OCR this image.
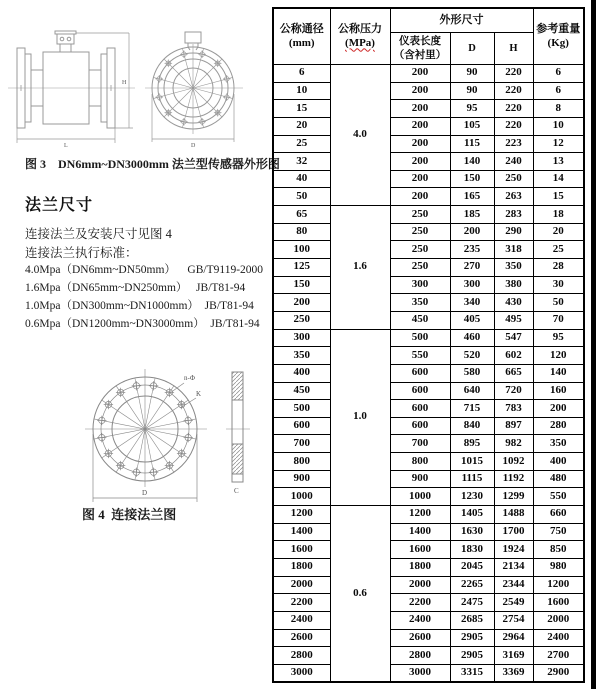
H
L	D
图 3    DN6mm~DN3000mm 法兰型传感器外形图
法兰尺寸
连接法兰及安装尺寸见图 4
连接法兰执行标准：
4.0Mpa（DN6mm~DN50mm）    GB/T9119-2000
1.6Mpa（DN65mm~DN250mm）   JB/T81-94
1.0Mpa（DN300mm~DN1000mm）  JB/T81-94
0.6Mpa（DN1200mm~DN3000mm）  JB/T81-94
n-Φ
K
D	C
图 4  连接法兰图
公称通径
(mm)	公称压力
(MPa)	外形尺寸			参考重量
(Kg)
		仪表长度
（含衬里）	D	H	
6	4.0	200	90	220	6
10		200	90	220	6
15		200	95	220	8
20		200	105	220	10
25		200	115	223	12
32		200	140	240	13
40		200	150	250	14
50		200	165	263	15
65	1.6	250	185	283	18
80		250	200	290	20
100		250	235	318	25
125		250	270	350	28
150		300	300	380	30
200		350	340	430	50
250		450	405	495	70
300	1.0	500	460	547	95
350		550	520	602	120
400		600	580	665	140
450		600	640	720	160
500		600	715	783	200
600		600	840	897	280
700		700	895	982	350
800		800	1015	1092	400
900		900	1115	1192	480
1000		1000	1230	1299	550
1200	0.6	1200	1405	1488	660
1400		1400	1630	1700	750
1600		1600	1830	1924	850
1800		1800	2045	2134	980
2000		2000	2265	2344	1200
2200		2200	2475	2549	1600
2400		2400	2685	2754	2000
2600		2600	2905	2964	2400
2800		2800	2905	3169	2700
3000		3000	3315	3369	2900
